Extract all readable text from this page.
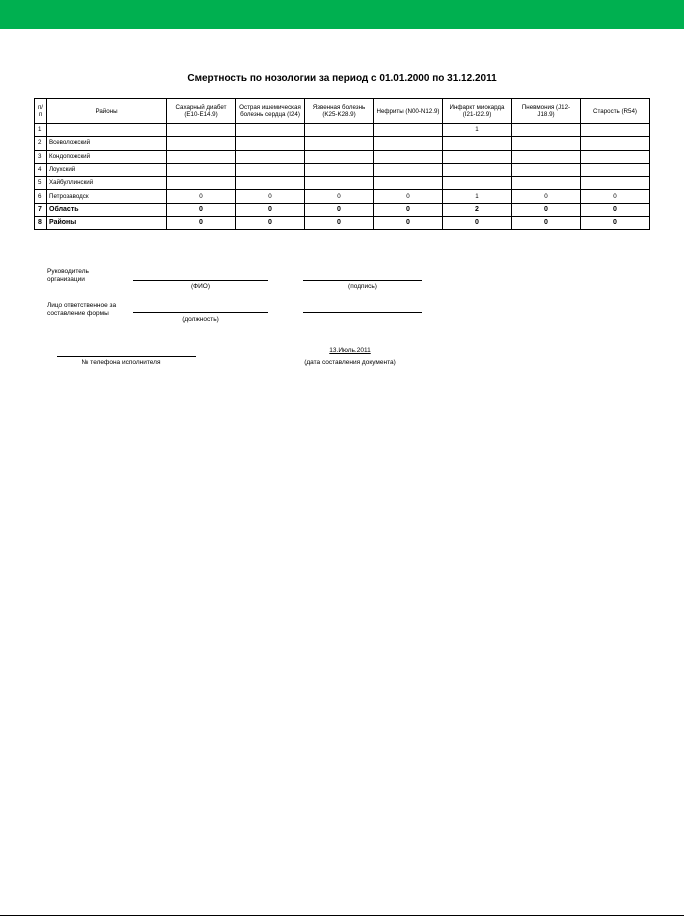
Смертность по нозологии за период с 01.01.2000 по 31.12.2011
п/п	Районы	Сахарный диабет (E10-E14.9)	Острая ишемическая болезнь сердца (I24)	Язвенная болезнь (K25-K28.9)	Нефриты (N00-N12.9)	Инфаркт миокарда (I21-I22.9)	Пневмония (J12-J18.9)	Старость (R54)
1						1		
2	Всеволожский							
3	Кондопожский							
4	Лоухский							
5	Хайбуллинский							
6	Петрозаводск	0	0	0	0	1	0	0
7	Область	0	0	0	0	2	0	0
8	Районы	0	0	0	0	0	0	0
Руководитель организации
(ФИО)	(подпись)
Лицо ответственное за составление формы
(должность)
№ телефона исполнителя
13.Июль.2011
(дата составления документа)
